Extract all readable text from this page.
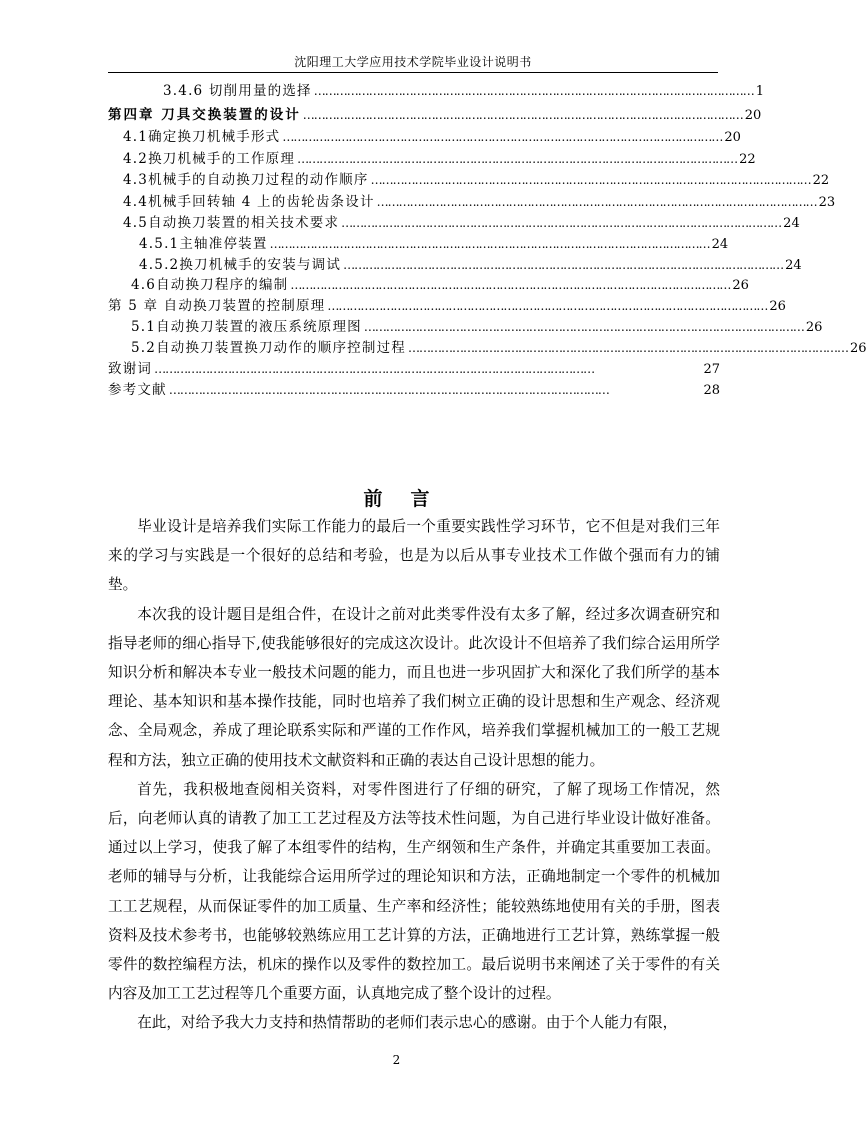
沈阳理工大学应用技术学院毕业设计说明书
3.4.6 切削用量的选择 ………………………………………………………………………………………………………… 1
第四章 刀具交换装置的设计 ………………………………………………………………………………………………………… 20
4.1确定换刀机械手形式 ………………………………………………………………………………………………………… 20
4.2换刀机械手的工作原理 ………………………………………………………………………………………………………… 22
4.3机械手的自动换刀过程的动作顺序 ………………………………………………………………………………………………………… 22
4.4机械手回转轴 4 上的齿轮齿条设计 ………………………………………………………………………………………………………… 23
4.5自动换刀装置的相关技术要求 ………………………………………………………………………………………………………… 24
4.5.1主轴准停装置 ………………………………………………………………………………………………………… 24
4.5.2换刀机械手的安装与调试 ………………………………………………………………………………………………………… 24
4.6自动换刀程序的编制 ………………………………………………………………………………………………………… 26
第 5 章 自动换刀装置的控制原理 ………………………………………………………………………………………………………… 26
5.1自动换刀装置的液压系统原理图 ………………………………………………………………………………………………………… 26
5.2自动换刀装置换刀动作的顺序控制过程 ………………………………………………………………………………………………………… 26
致谢词 …………………………………………………………………………………………………………	27
参考文献 …………………………………………………………………………………………………………	28
前言

毕业设计是培养我们实际工作能力的最后一个重要实践性学习环节，它不但是对我们三年来的学习与实践是一个很好的总结和考验，也是为以后从事专业技术工作做个强而有力的铺垫。

本次我的设计题目是组合件，在设计之前对此类零件没有太多了解，经过多次调查研究和指导老师的细心指导下,使我能够很好的完成这次设计。此次设计不但培养了我们综合运用所学知识分析和解决本专业一般技术问题的能力，而且也进一步巩固扩大和深化了我们所学的基本理论、基本知识和基本操作技能，同时也培养了我们树立正确的设计思想和生产观念、经济观念、全局观念，养成了理论联系实际和严谨的工作作风，培养我们掌握机械加工的一般工艺规程和方法，独立正确的使用技术文献资料和正确的表达自己设计思想的能力。

首先，我积极地查阅相关资料，对零件图进行了仔细的研究，了解了现场工作情况，然后，向老师认真的请教了加工工艺过程及方法等技术性问题，为自己进行毕业设计做好准备。通过以上学习，使我了解了本组零件的结构，生产纲领和生产条件，并确定其重要加工表面。老师的辅导与分析，让我能综合运用所学过的理论知识和方法，正确地制定一个零件的机械加工工艺规程，从而保证零件的加工质量、生产率和经济性；能较熟练地使用有关的手册，图表资料及技术参考书，也能够较熟练应用工艺计算的方法，正确地进行工艺计算，熟练掌握一般零件的数控编程方法，机床的操作以及零件的数控加工。最后说明书来阐述了关于零件的有关内容及加工工艺过程等几个重要方面，认真地完成了整个设计的过程。

在此，对给予我大力支持和热情帮助的老师们表示忠心的感谢。由于个人能力有限，

2
